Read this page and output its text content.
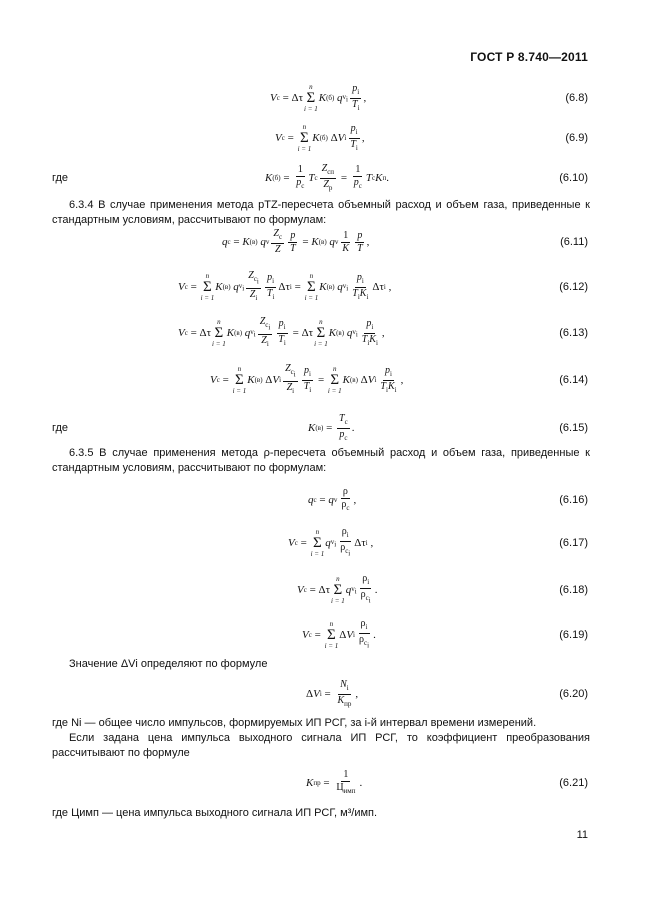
ГОСТ Р 8.740—2011
V c = Δτ
n
Σ
i = 1
K (б)
q $v_i \frac{p_i}{T_i}$ ,	(6.8)
V c =
n
Σ
i = 1
K (б) Δ V i $\frac{p_i}{T_i}$ ,	(6.9)
где	K $(б) = \frac{1}{p_c}$ T c $\frac{Z_{cп}}{Z_p} = \frac{1}{p_c}$ T c K п .	(6.10)
6.3.4 В случае применения метода pTZ-пересчета объемный расход и объем газа, приведенные к стандартным условиям, рассчитывают по формулам:
q c = K (в)
q v $\frac{Z_c}{Z} \frac{p}{T} = K$ (в)
q v $\frac{1}{K} \frac{p}{T}$ ,	(6.11)
V c =
n
Σ
i = 1
K (в)
q $v_i \frac{Z_{c_i}}{Z_i} \frac{p_i}{T_i}$ Δτ i =
n
Σ
i = 1
K (в)
q $v_i \frac{p_i}{T_iK_i}$ Δτ i ,	(6.12)
V c = Δτ
n
Σ
i = 1
K (в)
q $v_i \frac{Z_{c_i}}{Z_i} \frac{p_i}{T_i} = \Delta\tau$
n
Σ
i = 1
K (в)
q $v_i \frac{p_i}{T_iK_i}$ ,	(6.13)
V c =
n
Σ
i = 1
K (в) Δ V i $\frac{Z_{c_i}}{Z_i} \frac{p_i}{T_i}$ =
n
Σ
i = 1
K (в) Δ V i $\frac{p_i}{T_iK_i}$ ,	(6.14)
где	K $(в) = \frac{T_c}{p_c}$ .	(6.15)
6.3.5 В случае применения метода ρ-пересчета объемный расход и объем газа, приведенные к стандартным условиям, рассчитывают по формулам:
q c = q v $\frac{\rho}{\rho_c}$ ,	(6.16)
V c =
n
Σ
i = 1
q $v_i \frac{\rho_i}{\rho_{c_i}}$ Δτ i ,	(6.17)
V c = Δτ
n
Σ
i = 1
q $v_i \frac{\rho_i}{\rho_{c_i}}$ .	(6.18)
V c =
n
Σ
i = 1
Δ V i $\frac{\rho_i}{\rho_{c_i}}$ .	(6.19)
Значение ΔVi определяют по формуле
Δ V $i = \frac{N_i}{K_{пр}}$ ,	(6.20)
где Ni — общее число импульсов, формируемых ИП РСГ, за i-й интервал времени измерений.
Если задана цена импульса выходного сигнала ИП РСГ, то коэффициент преобразования рассчитывают по формуле
K пр = $\frac{1}{Ц_{имп}}$ .	(6.21)
где Цимп — цена импульса выходного сигнала ИП РСГ, м³/имп.
11
